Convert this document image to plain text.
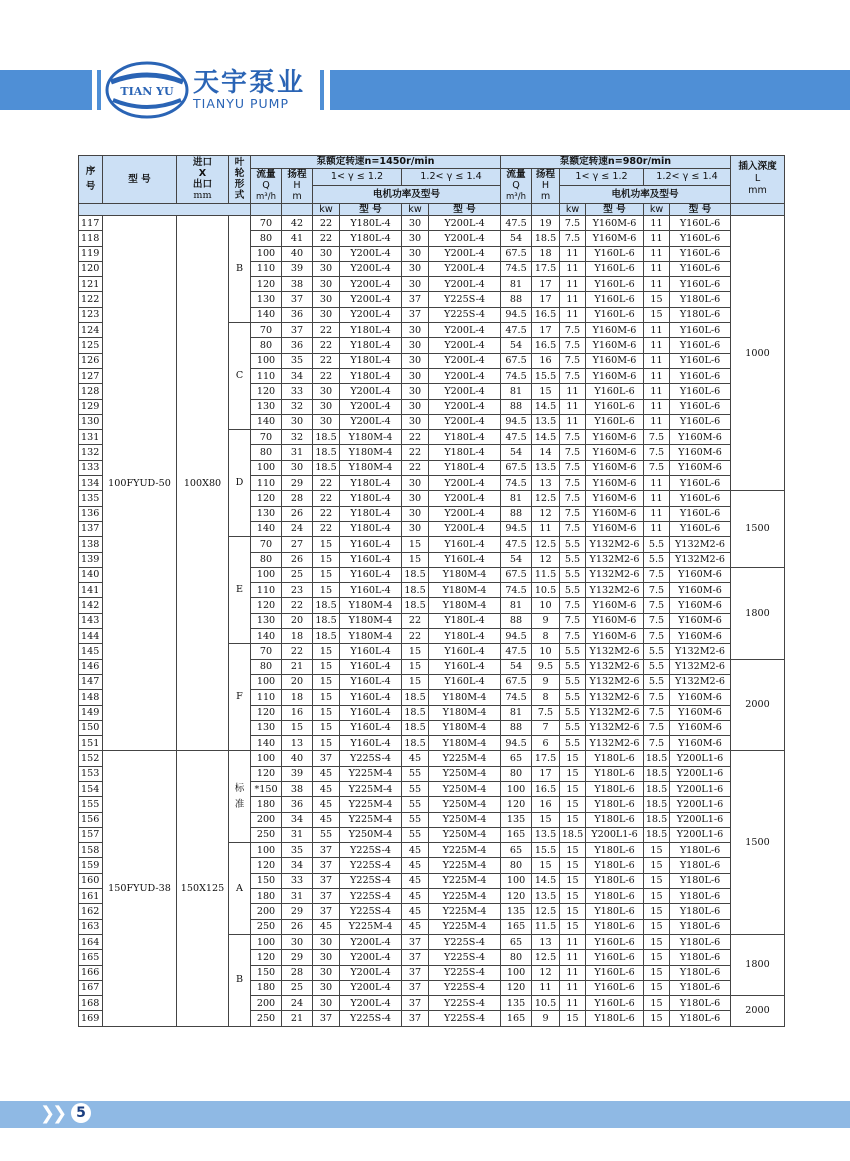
TIAN YU 天宇泵业
TIANYU PUMP
序
号	型 号	进口
X
出口
mm	叶
轮
形
式	泵额定转速n=1450r/min						泵额定转速n=980r/min						插入深度
L
mm
				流量
Q
m³/h	扬程
H
m	1< γ ≤ 1.2		1.2< γ ≤ 1.4		流量
Q
m³/h	扬程
H
m	1< γ ≤ 1.2		1.2< γ ≤ 1.4		
						电机功率及型号						电机功率及型号				

						kw	型 号	kw	型 号			kw	型 号	kw	型 号	
117	100FYUD-50	100X80	B	70	42	22	Y180L-4	30	Y200L-4	47.5	19	7.5	Y160M-6	11	Y160L-6	1000
118				80	41	22	Y180L-4	30	Y200L-4	54	18.5	7.5	Y160M-6	11	Y160L-6	
119				100	40	30	Y200L-4	30	Y200L-4	67.5	18	11	Y160L-6	11	Y160L-6	
120				110	39	30	Y200L-4	30	Y200L-4	74.5	17.5	11	Y160L-6	11	Y160L-6	
121				120	38	30	Y200L-4	30	Y200L-4	81	17	11	Y160L-6	11	Y160L-6	
122				130	37	30	Y200L-4	37	Y225S-4	88	17	11	Y160L-6	15	Y180L-6	
123				140	36	30	Y200L-4	37	Y225S-4	94.5	16.5	11	Y160L-6	15	Y180L-6	
124			C	70	37	22	Y180L-4	30	Y200L-4	47.5	17	7.5	Y160M-6	11	Y160L-6	
125				80	36	22	Y180L-4	30	Y200L-4	54	16.5	7.5	Y160M-6	11	Y160L-6	
126				100	35	22	Y180L-4	30	Y200L-4	67.5	16	7.5	Y160M-6	11	Y160L-6	
127				110	34	22	Y180L-4	30	Y200L-4	74.5	15.5	7.5	Y160M-6	11	Y160L-6	
128				120	33	30	Y200L-4	30	Y200L-4	81	15	11	Y160L-6	11	Y160L-6	
129				130	32	30	Y200L-4	30	Y200L-4	88	14.5	11	Y160L-6	11	Y160L-6	
130				140	30	30	Y200L-4	30	Y200L-4	94.5	13.5	11	Y160L-6	11	Y160L-6	
131			D	70	32	18.5	Y180M-4	22	Y180L-4	47.5	14.5	7.5	Y160M-6	7.5	Y160M-6	
132				80	31	18.5	Y180M-4	22	Y180L-4	54	14	7.5	Y160M-6	7.5	Y160M-6	
133				100	30	18.5	Y180M-4	22	Y180L-4	67.5	13.5	7.5	Y160M-6	7.5	Y160M-6	
134				110	29	22	Y180L-4	30	Y200L-4	74.5	13	7.5	Y160M-6	11	Y160L-6	
135				120	28	22	Y180L-4	30	Y200L-4	81	12.5	7.5	Y160M-6	11	Y160L-6	1500
136				130	26	22	Y180L-4	30	Y200L-4	88	12	7.5	Y160M-6	11	Y160L-6	
137				140	24	22	Y180L-4	30	Y200L-4	94.5	11	7.5	Y160M-6	11	Y160L-6	
138			E	70	27	15	Y160L-4	15	Y160L-4	47.5	12.5	5.5	Y132M2-6	5.5	Y132M2-6	
139				80	26	15	Y160L-4	15	Y160L-4	54	12	5.5	Y132M2-6	5.5	Y132M2-6	
140				100	25	15	Y160L-4	18.5	Y180M-4	67.5	11.5	5.5	Y132M2-6	7.5	Y160M-6	1800
141				110	23	15	Y160L-4	18.5	Y180M-4	74.5	10.5	5.5	Y132M2-6	7.5	Y160M-6	
142				120	22	18.5	Y180M-4	18.5	Y180M-4	81	10	7.5	Y160M-6	7.5	Y160M-6	
143				130	20	18.5	Y180M-4	22	Y180L-4	88	9	7.5	Y160M-6	7.5	Y160M-6	
144				140	18	18.5	Y180M-4	22	Y180L-4	94.5	8	7.5	Y160M-6	7.5	Y160M-6	
145			F	70	22	15	Y160L-4	15	Y160L-4	47.5	10	5.5	Y132M2-6	5.5	Y132M2-6	
146				80	21	15	Y160L-4	15	Y160L-4	54	9.5	5.5	Y132M2-6	5.5	Y132M2-6	2000
147				100	20	15	Y160L-4	15	Y160L-4	67.5	9	5.5	Y132M2-6	5.5	Y132M2-6	
148				110	18	15	Y160L-4	18.5	Y180M-4	74.5	8	5.5	Y132M2-6	7.5	Y160M-6	
149				120	16	15	Y160L-4	18.5	Y180M-4	81	7.5	5.5	Y132M2-6	7.5	Y160M-6	
150				130	15	15	Y160L-4	18.5	Y180M-4	88	7	5.5	Y132M2-6	7.5	Y160M-6	
151				140	13	15	Y160L-4	18.5	Y180M-4	94.5	6	5.5	Y132M2-6	7.5	Y160M-6	
152	150FYUD-38	150X125	标
准	100	40	37	Y225S-4	45	Y225M-4	65	17.5	15	Y180L-6	18.5	Y200L1-6	1500
153				120	39	45	Y225M-4	55	Y250M-4	80	17	15	Y180L-6	18.5	Y200L1-6	
154				*150	38	45	Y225M-4	55	Y250M-4	100	16.5	15	Y180L-6	18.5	Y200L1-6	
155				180	36	45	Y225M-4	55	Y250M-4	120	16	15	Y180L-6	18.5	Y200L1-6	
156				200	34	45	Y225M-4	55	Y250M-4	135	15	15	Y180L-6	18.5	Y200L1-6	
157				250	31	55	Y250M-4	55	Y250M-4	165	13.5	18.5	Y200L1-6	18.5	Y200L1-6	
158			A	100	35	37	Y225S-4	45	Y225M-4	65	15.5	15	Y180L-6	15	Y180L-6	
159				120	34	37	Y225S-4	45	Y225M-4	80	15	15	Y180L-6	15	Y180L-6	
160				150	33	37	Y225S-4	45	Y225M-4	100	14.5	15	Y180L-6	15	Y180L-6	
161				180	31	37	Y225S-4	45	Y225M-4	120	13.5	15	Y180L-6	15	Y180L-6	
162				200	29	37	Y225S-4	45	Y225M-4	135	12.5	15	Y180L-6	15	Y180L-6	
163				250	26	45	Y225M-4	45	Y225M-4	165	11.5	15	Y180L-6	15	Y180L-6	
164			B	100	30	30	Y200L-4	37	Y225S-4	65	13	11	Y160L-6	15	Y180L-6	1800
165				120	29	30	Y200L-4	37	Y225S-4	80	12.5	11	Y160L-6	15	Y180L-6	
166				150	28	30	Y200L-4	37	Y225S-4	100	12	11	Y160L-6	15	Y180L-6	
167				180	25	30	Y200L-4	37	Y225S-4	120	11	11	Y160L-6	15	Y180L-6	
168				200	24	30	Y200L-4	37	Y225S-4	135	10.5	11	Y160L-6	15	Y180L-6	2000
169				250	21	37	Y225S-4	37	Y225S-4	165	9	15	Y180L-6	15	Y180L-6	
❯❯ 5
